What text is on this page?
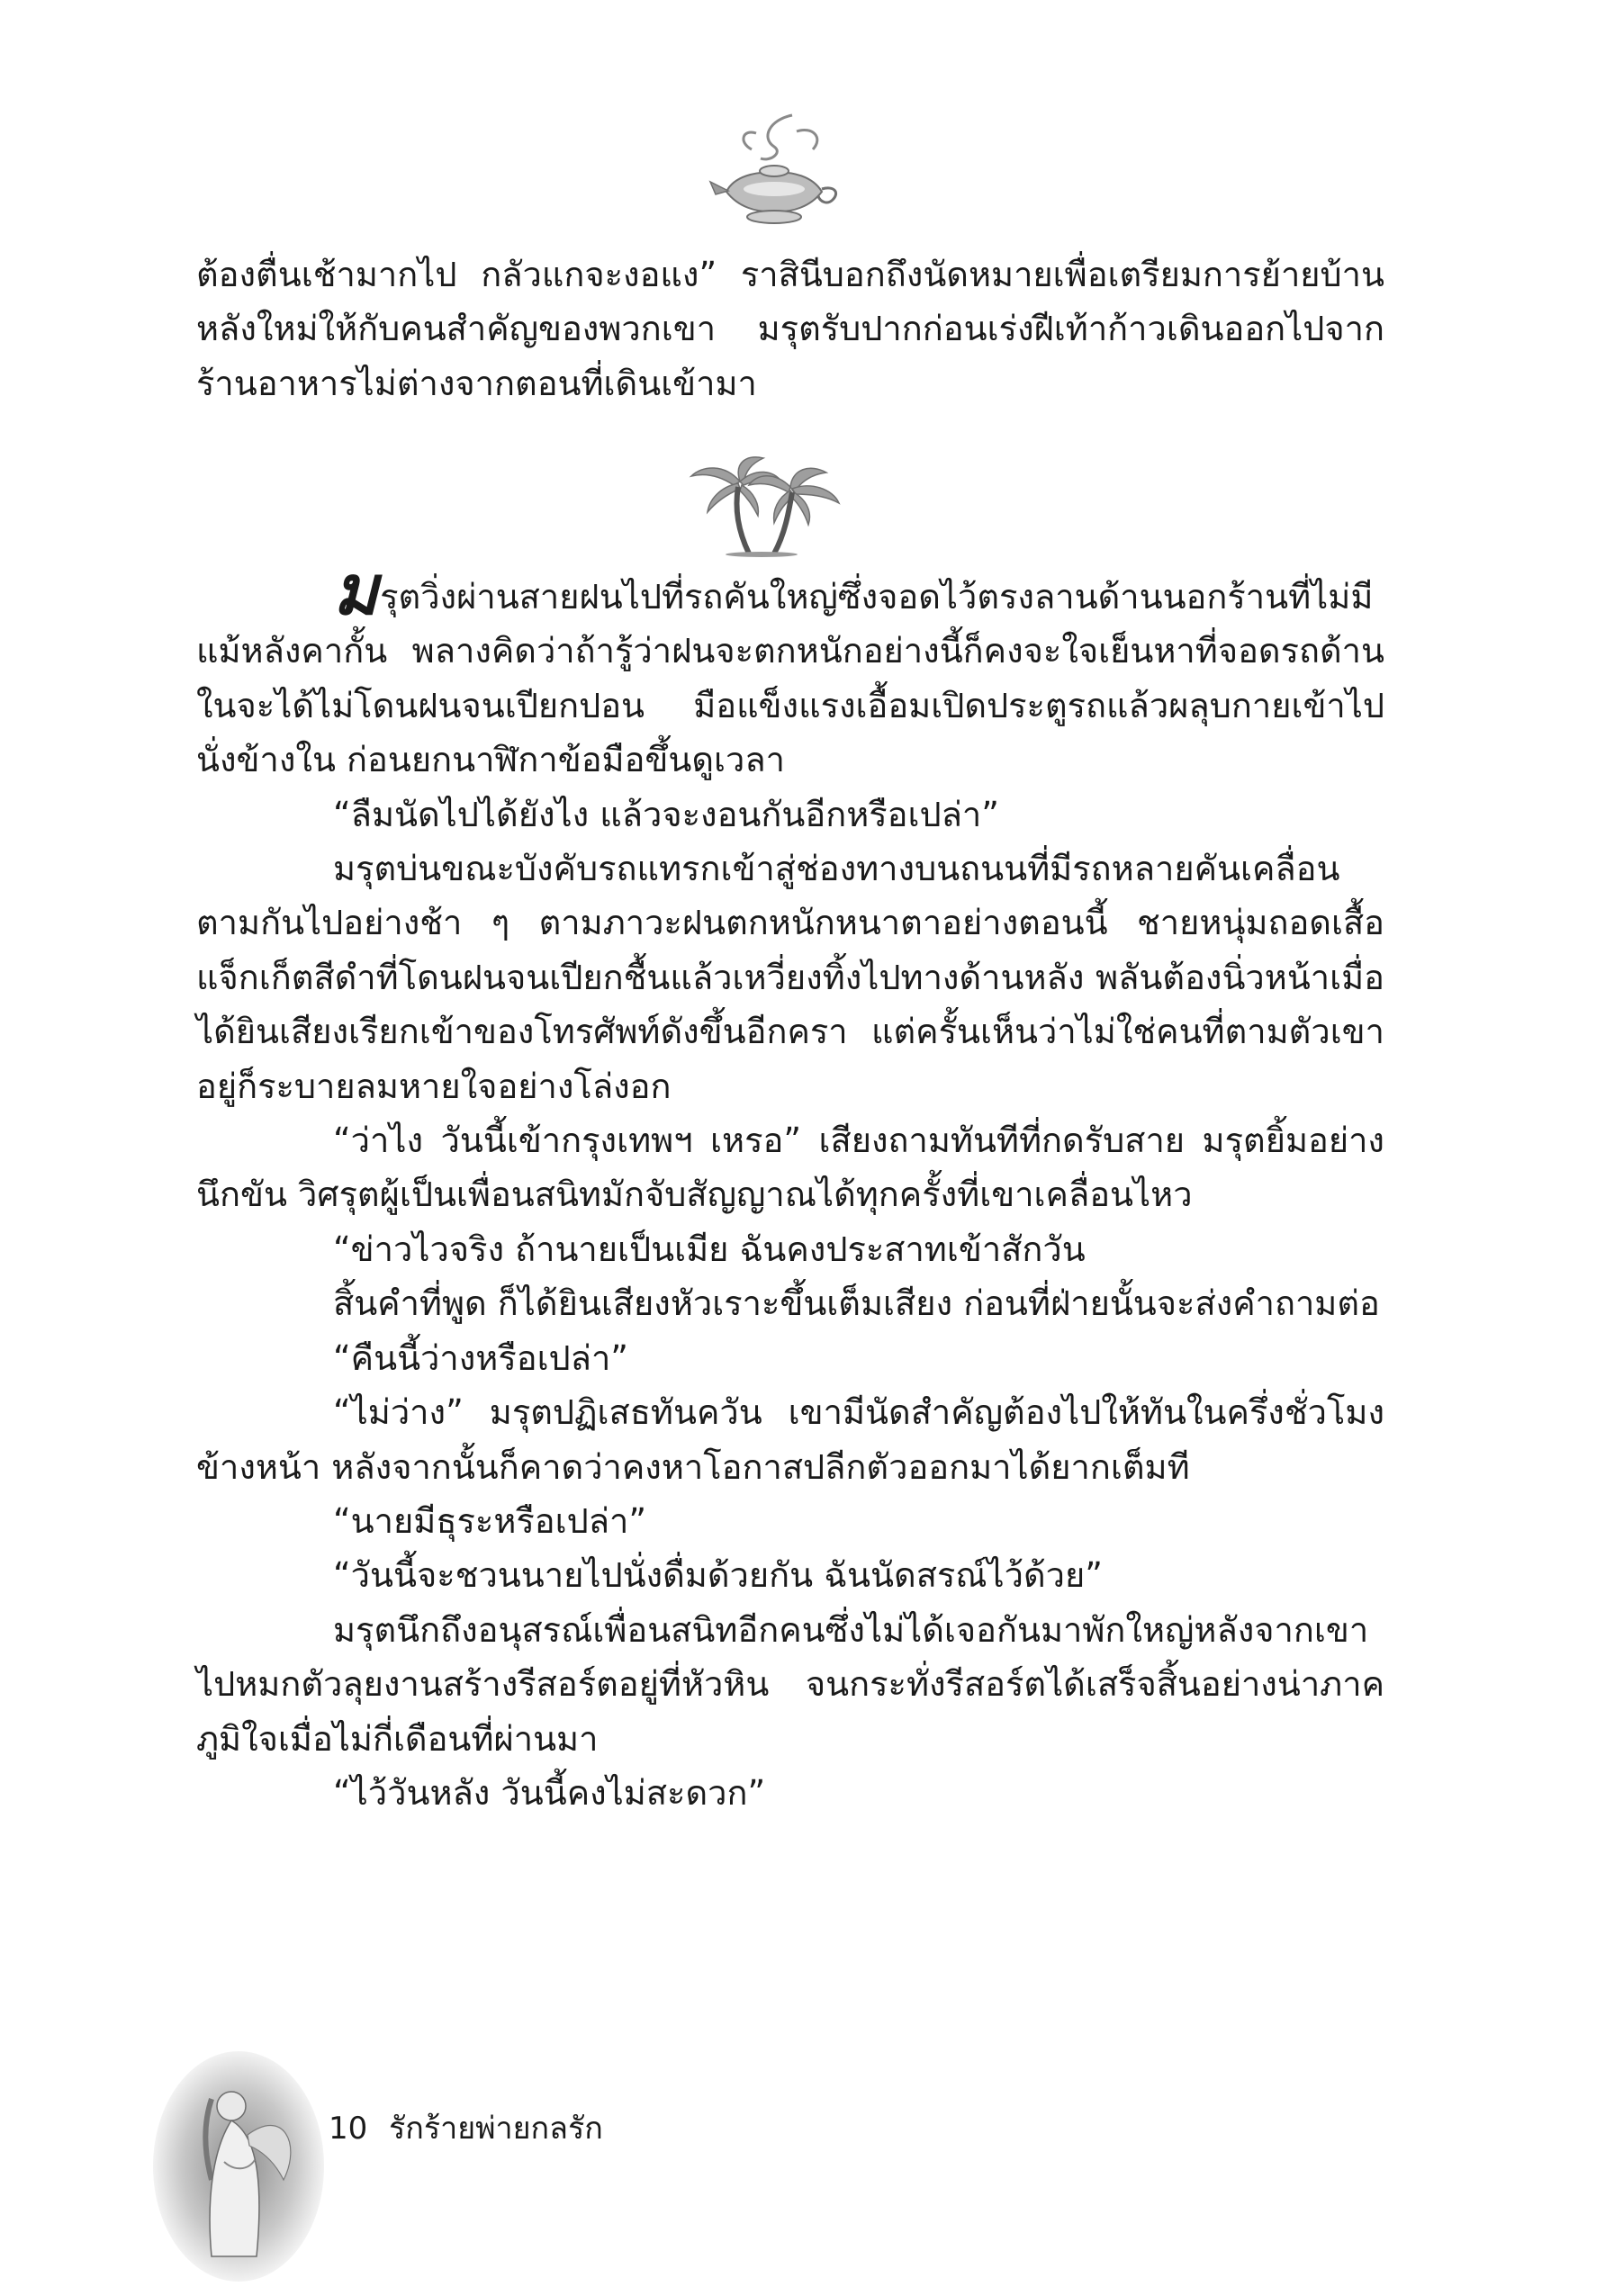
ต้องตื่นเช้ามากไป กลัวแกจะงอแง” ราสินีบอกถึงนัดหมายเพื่อเตรียมการย้ายบ้านหลังใหม่ให้กับคนสำคัญของพวกเขา มรุตรับปากก่อนเร่งฝีเท้าก้าวเดินออกไปจากร้านอาหารไม่ต่างจากตอนที่เดินเข้ามา

มรุตวิ่งผ่านสายฝนไปที่รถคันใหญ่ซึ่งจอดไว้ตรงลานด้านนอกร้านที่ไม่มีแม้หลังคากั้น พลางคิดว่าถ้ารู้ว่าฝนจะตกหนักอย่างนี้ก็คงจะใจเย็นหาที่จอดรถด้านในจะได้ไม่โดนฝนจนเปียกปอน มือแข็งแรงเอื้อมเปิดประตูรถแล้วผลุบกายเข้าไปนั่งข้างใน ก่อนยกนาฬิกาข้อมือขึ้นดูเวลา

“ลืมนัดไปได้ยังไง แล้วจะงอนกันอีกหรือเปล่า”

มรุตบ่นขณะบังคับรถแทรกเข้าสู่ช่องทางบนถนนที่มีรถหลายคันเคลื่อนตามกันไปอย่างช้า ๆ ตามภาวะฝนตกหนักหนาตาอย่างตอนนี้ ชายหนุ่มถอดเสื้อแจ็กเก็ตสีดำที่โดนฝนจนเปียกชื้นแล้วเหวี่ยงทิ้งไปทางด้านหลัง พลันต้องนิ่วหน้าเมื่อได้ยินเสียงเรียกเข้าของโทรศัพท์ดังขึ้นอีกครา แต่ครั้นเห็นว่าไม่ใช่คนที่ตามตัวเขาอยู่ก็ระบายลมหายใจอย่างโล่งอก

“ว่าไง วันนี้เข้ากรุงเทพฯ เหรอ” เสียงถามทันทีที่กดรับสาย มรุตยิ้มอย่างนึกขัน วิศรุตผู้เป็นเพื่อนสนิทมักจับสัญญาณได้ทุกครั้งที่เขาเคลื่อนไหว

“ข่าวไวจริง ถ้านายเป็นเมีย ฉันคงประสาทเข้าสักวัน

สิ้นคำที่พูด ก็ได้ยินเสียงหัวเราะขึ้นเต็มเสียง ก่อนที่ฝ่ายนั้นจะส่งคำถามต่อ

“คืนนี้ว่างหรือเปล่า”

“ไม่ว่าง” มรุตปฏิเสธทันควัน เขามีนัดสำคัญต้องไปให้ทันในครึ่งชั่วโมงข้างหน้า หลังจากนั้นก็คาดว่าคงหาโอกาสปลีกตัวออกมาได้ยากเต็มที

“นายมีธุระหรือเปล่า”

“วันนี้จะชวนนายไปนั่งดื่มด้วยกัน ฉันนัดสรณ์ไว้ด้วย”

มรุตนึกถึงอนุสรณ์เพื่อนสนิทอีกคนซึ่งไม่ได้เจอกันมาพักใหญ่หลังจากเขาไปหมกตัวลุยงานสร้างรีสอร์ตอยู่ที่หัวหิน จนกระทั่งรีสอร์ตได้เสร็จสิ้นอย่างน่าภาคภูมิใจเมื่อไม่กี่เดือนที่ผ่านมา

“ไว้วันหลัง วันนี้คงไม่สะดวก”

10 รักร้ายพ่ายกลรัก
